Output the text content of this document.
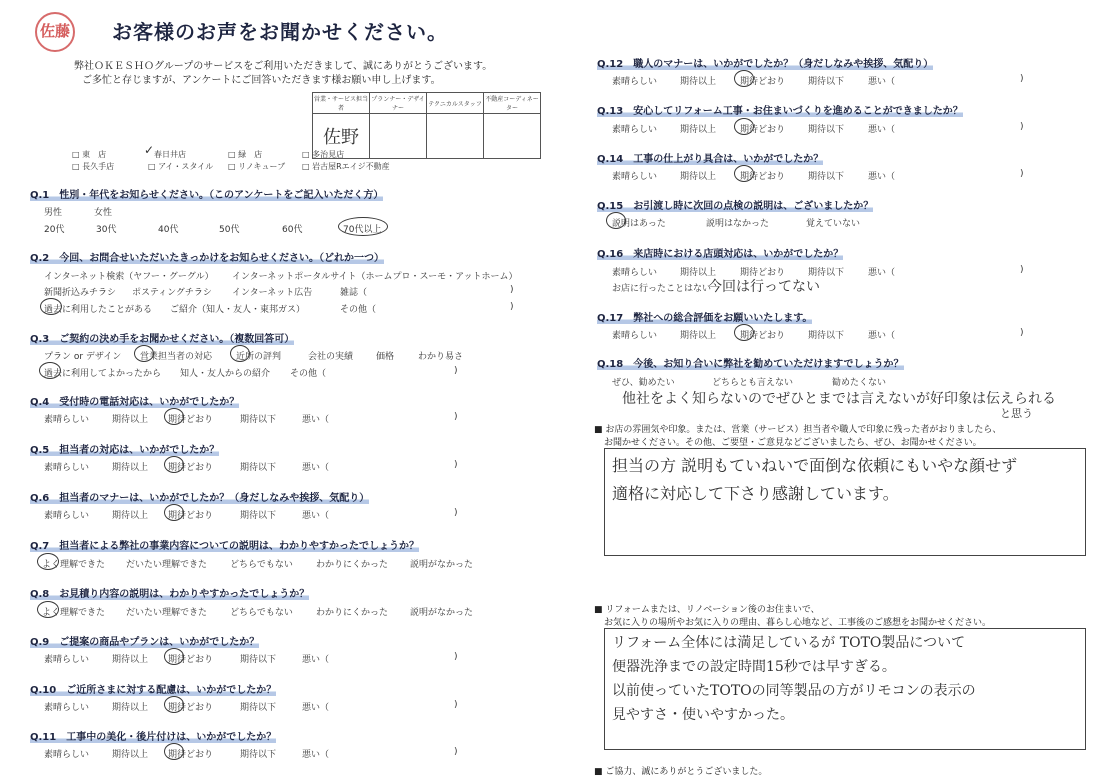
佐藤 お客様のお声をお聞かせください。
弊社ＯＫＥＳＨＯグループのサービスをご利用いただきまして、誠にありがとうございます。
ご多忙と存じますが、アンケートにご回答いただきます様お願い申し上げます。
営業・サービス担当者	プランナー・デザイナー	テクニカルスタッフ	不動産コーディネーター
佐野			
□ 東　店	✓ 春日井店	□ 緑　店	□ 多治見店
□ 長久手店	□ アイ・スタイル □ リノキューブ □ 岩古屋Rエイジ不動産
Q.1　性別・年代をお知らせください。（このアンケートをご記入いただく方）
男性	女性
20代	30代	40代	50代	60代	70代以上
Q.2　今回、お問合せいただいたきっかけをお知らせください。（どれか一つ）
インターネット検索（ヤフー・グーグル） インターネットポータルサイト（ホームプロ・スーモ・アットホーム）
新聞折込みチラシ ポスティングチラシ インターネット広告	雑誌（	)
過去に利用したことがある ご紹介（知人・友人・東邦ガス）	その他（	)
Q.3　ご契約の決め手をお聞かせください。（複数回答可）
プラン or デザイン 営業担当者の対応	近所の評判	会社の実績	価格	わかり易さ
過去に利用してよかったから 知人・友人からの紹介 その他（	)
Q.4　受付時の電話対応は、いかがでしたか？
素晴らしい	期待以上 期待どおり	期待以下	悪い（	)
Q.5　担当者の対応は、いかがでしたか？
素晴らしい	期待以上 期待どおり	期待以下	悪い（	)
Q.6　担当者のマナーは、いかがでしたか？（身だしなみや挨拶、気配り）
素晴らしい	期待以上 期待どおり	期待以下	悪い（	)
Q.7　担当者による弊社の事業内容についての説明は、わかりやすかったでしょうか？
よく理解できた だいたい理解できた	どちらでもない	わかりにくかった 説明がなかった
Q.8　お見積り内容の説明は、わかりやすかったでしょうか？
よく理解できた だいたい理解できた	どちらでもない	わかりにくかった 説明がなかった
Q.9　ご提案の商品やプランは、いかがでしたか？
素晴らしい	期待以上 期待どおり	期待以下	悪い（	)
Q.10　ご近所さまに対する配慮は、いかがでしたか？
素晴らしい	期待以上 期待どおり	期待以下	悪い（	)
Q.11　工事中の美化・後片付けは、いかがでしたか？
素晴らしい	期待以上 期待どおり	期待以下	悪い（	)
Q.12　職人のマナーは、いかがでしたか？（身だしなみや挨拶、気配り）
素晴らしい	期待以上	期待どおり	期待以下	悪い（	)
Q.13　安心してリフォーム工事・お住まいづくりを進めることができましたか？
素晴らしい	期待以上	期待どおり	期待以下	悪い（	)
Q.14　工事の仕上がり具合は、いかがでしたか？
素晴らしい	期待以上	期待どおり	期待以下	悪い（	)
Q.15　お引渡し時に次回の点検の説明は、ございましたか？
説明はあった	説明はなかった	覚えていない
Q.16　来店時における店頭対応は、いかがでしたか？
素晴らしい	期待以上	期待どおり	期待以下	悪い（	)
お店に行ったことはない
今回は行ってない
Q.17　弊社への総合評価をお願いいたします。
素晴らしい	期待以上	期待どおり	期待以下	悪い（	)
Q.18　今後、お知り合いに弊社を勧めていただけますでしょうか？
ぜひ、勧めたい	どちらとも言えない	勧めたくない
他社をよく知らないのでぜひとまでは言えないが好印象は伝えられる
と思う
■ お店の雰囲気や印象。または、営業（サービス）担当者や職人で印象に残った者がおりましたら、
お聞かせください。その他、ご要望・ご意見などございましたら、ぜひ、お聞かせください。
担当の方 説明もていねいで面倒な依頼にもいやな顔せず
適格に対応して下さり感謝しています。
■ リフォームまたは、リノベーション後のお住まいで、
お気に入りの場所やお気に入りの理由、暮らし心地など、工事後のご感想をお聞かせください。
リフォーム全体には満足しているが TOTO製品について
便器洗浄までの設定時間15秒では早すぎる。
以前使っていたTOTOの同等製品の方がリモコンの表示の
見やすさ・使いやすかった。
■ ご協力、誠にありがとうございました。
